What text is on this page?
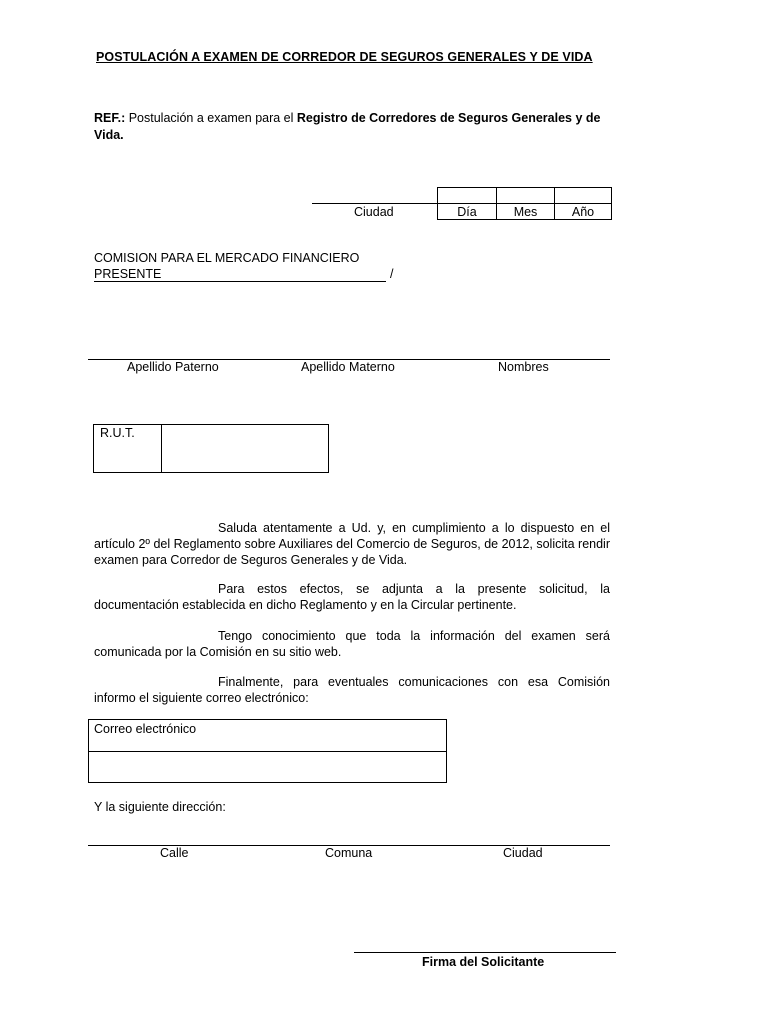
POSTULACIÓN A EXAMEN DE CORREDOR DE SEGUROS GENERALES Y DE VIDA
REF.: Postulación a examen para el Registro de Corredores de Seguros Generales y de Vida.
Ciudad
			Día	Mes	Año
COMISION PARA EL MERCADO FINANCIERO
PRESENTE	/
Apellido Paterno	Apellido Materno	Nombres
R.U.T.
Saluda atentamente a Ud. y, en cumplimiento a lo dispuesto en el artículo 2º del Reglamento sobre Auxiliares del Comercio de Seguros, de 2012, solicita rendir examen para Corredor de Seguros Generales y de Vida.
Para estos efectos, se adjunta a la presente solicitud, la documentación establecida en dicho Reglamento y en la Circular pertinente.
Tengo conocimiento que toda la información del examen será comunicada por la Comisión en su sitio web.
Finalmente, para eventuales comunicaciones con esa Comisión informo el siguiente correo electrónico:
Correo electrónico
Y la siguiente dirección:
Calle	Comuna	Ciudad
Firma del Solicitante
